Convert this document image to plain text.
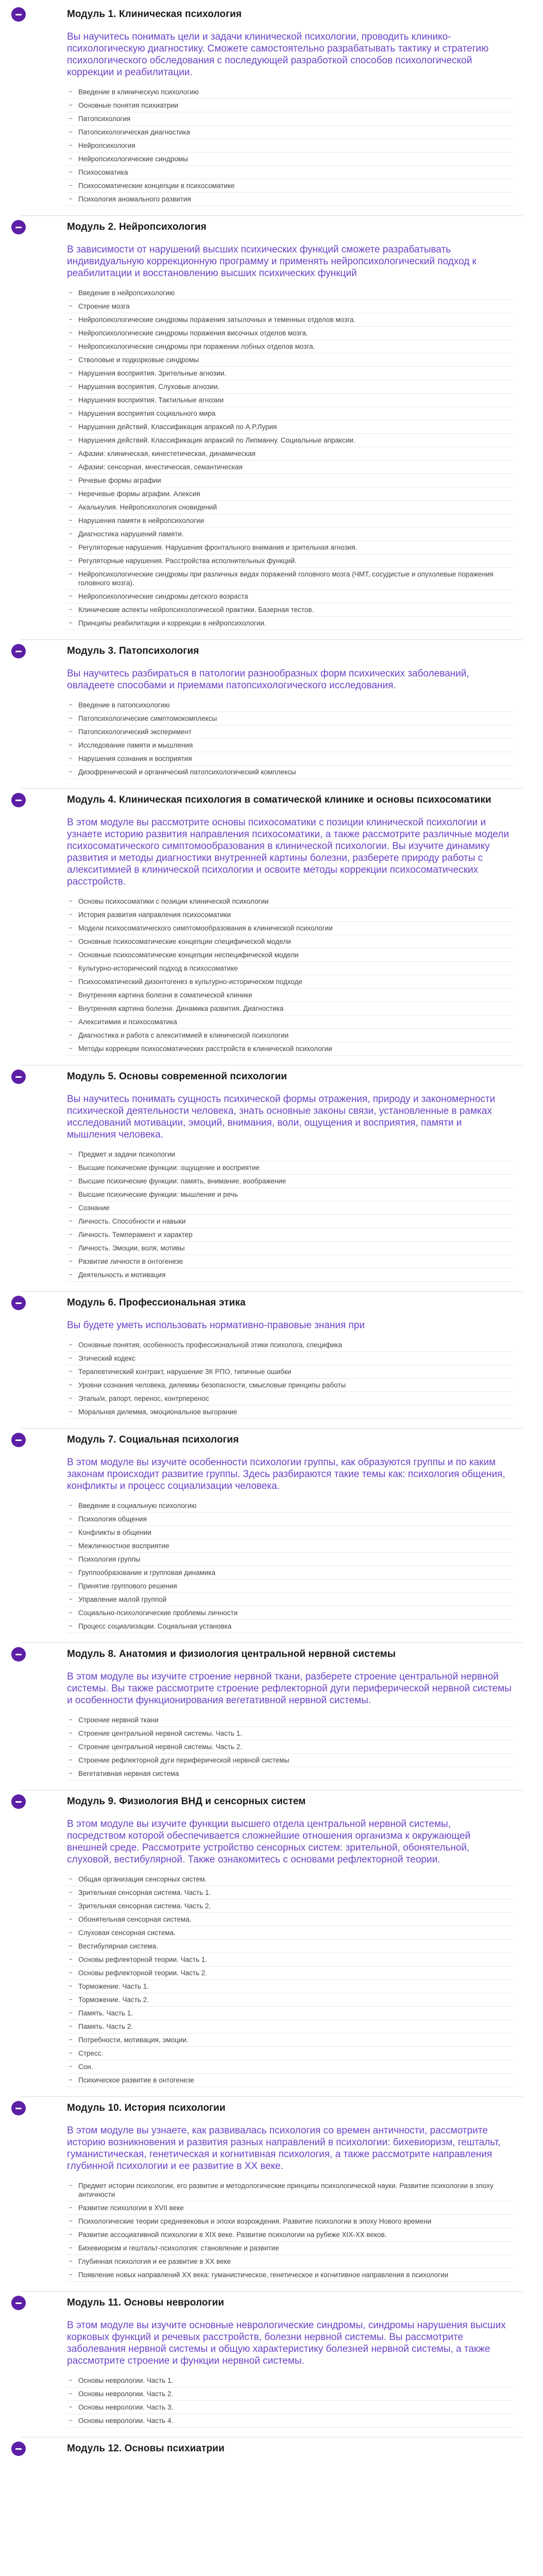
Модуль 1. Клиническая психология

Вы научитесь понимать цели и задачи клинической психологии, проводить клинико-психологическую диагностику. Сможете самостоятельно разрабатывать тактику и стратегию психологического обследования с последующей разработкой способов психологической коррекции и реабилитации.

Введение в клиническую психологию
Основные понятия психиатрии
Патопсихология
Патопсихологическая диагностика
Нейропсихология
Нейропсихологические синдромы
Психосоматика
Психосоматические концепции в психосоматике
Психология аномального развития
Модуль 2. Нейропсихология

В зависимости от нарушений высших психических функций сможете разрабатывать индивидуальную коррекционную программу и применять нейропсихологический подход к реабилитации и восстановлению высших психических функций

Введение в нейропсихологию
Строение мозга
Нейропсихологические синдромы поражения затылочных и теменных отделов мозга.
Нейропсихологические синдромы поражения височных отделов мозга.
Нейропсихологические синдромы при поражении лобных отделов мозга.
Стволовые и подкорковые синдромы
Нарушения восприятия. Зрительные агнозии.
Нарушения восприятия. Слуховые агнозии.
Нарушения восприятия. Тактильные агнозии
Нарушения восприятия социального мира
Нарушения действий. Классификация апраксий по А.Р.Лурия
Нарушения действий. Классификация апраксий по Липманну. Социальные апраксии.
Афазии: клиническая, кинестетическая, динамическая
Афазии: сенсорная, мнестическая, семантическая
Речевые формы аграфии
Неречевые формы аграфии. Алексия
Акалькулия. Нейропсихология сновидений
Нарушения памяти в нейропсихологии
Диагностика нарушений памяти.
Регуляторные нарушения. Нарушения фронтального внимания и зрительная агнозия.
Регуляторные нарушения. Расстройства исполнительных функций.
Нейропсихологические синдромы при различных видах поражений головного мозга (ЧМТ, сосудистые и опухолевые поражения головного мозга).
Нейропсихологические синдромы детского возраста
Клинические аспекты нейропсихологической практики. Базерная тестов.
Принципы реабилитации и коррекции в нейропсихологии.
Модуль 3. Патопсихология

Вы научитесь разбираться в патологии разнообразных форм психических заболеваний, овладеете способами и приемами патопсихологического исследования.

Введение в патопсихологию
Патопсихологические симптомокомплексы
Патопсихологический эксперимент
Исследование памяти и мышления
Нарушения сознания и восприятия
Дизофренический и органический патопсихологический комплексы
Модуль 4. Клиническая психология в соматической клинике и основы психосоматики

В этом модуле вы рассмотрите основы психосоматики с позиции клинической психологии и узнаете историю развития направления психосоматики, а также рассмотрите различные модели психосоматического симптомообразования в клинической психологии. Вы изучите динамику развития и методы диагностики внутренней картины болезни, разберете природу работы с алекситимией в клинической психологии и освоите методы коррекции психосоматических расстройств.

Основы психосоматики с позиции клинической психологии
История развития направления психосоматики
Модели психосоматического симптомообразования в клинической психологии
Основные психосоматические концепции специфической модели
Основные психосоматические концепции неспецифической модели
Культурно-исторический подход в психосоматике
Психосоматический дизонтогенез в культурно-историческом подходе
Внутренняя картина болезни в соматической клинике
Внутренняя картина болезни. Динамика развития. Диагностика
Алекситимия и психосоматика
Диагностика и работа с алекситимией в клинической психологии
Методы коррекции психосоматических расстройств в клинической психологии
Модуль 5. Основы современной психологии

Вы научитесь понимать сущность психической формы отражения, природу и закономерности психической деятельности человека, знать основные законы связи, установленные в рамках исследований мотивации, эмоций, внимания, воли, ощущения и восприятия, памяти и мышления человека.

Предмет и задачи психологии
Высшие психические функции: ощущение и восприятие
Высшие психические функции: память, внимание, воображение
Высшие психические функции: мышление и речь
Сознание
Личность. Способности и навыки
Личность. Темперамент и характер
Личность. Эмоции, воля, мотивы
Развитие личности в онтогенезе
Деятельность и мотивация
Модуль 6. Профессиональная этика

Вы будете уметь использовать нормативно-правовые знания при

Основные понятия, особенность профессиональной этики психолога, специфика
Этический кодекс
Терапевтический контракт, нарушение ЗК РПО, типичные ошибки
Уровни сознания человека, дилеммы безопасности, смысловые принципы работы
Этапы/и, рапорт, перенос, контрперенос
Моральная дилемма, эмоциональное выгорание
Модуль 7. Социальная психология

В этом модуле вы изучите особенности психологии группы, как образуются группы и по каким законам происходит развитие группы. Здесь разбираются такие темы как: психология общения, конфликты и процесс социализации человека.

Введение в социальную психологию
Психология общения
Конфликты в общении
Межличностное восприятие
Психология группы
Группообразование и групповая динамика
Принятие группового решения
Управление малой группой
Социально-психологические проблемы личности
Процесс социализации. Социальная установка
Модуль 8. Анатомия и физиология центральной нервной системы

В этом модуле вы изучите строение нервной ткани, разберете строение центральной нервной системы. Вы также рассмотрите строение рефлекторной дуги периферической нервной системы и особенности функционирования вегетативной нервной системы.

Строение нервной ткани
Строение центральной нервной системы. Часть 1.
Строение центральной нервной системы. Часть 2.
Строение рефлекторной дуги периферической нервной системы
Вегетативная нервная система
Модуль 9. Физиология ВНД и сенсорных систем

В этом модуле вы изучите функции высшего отдела центральной нервной системы, посредством которой обеспечивается сложнейшие отношения организма к окружающей внешней среде. Рассмотрите устройство сенсорных систем: зрительной, обонятельной, слуховой, вестибулярной. Также ознакомитесь с основами рефлекторной теории.

Общая организация сенсорных систем.
Зрительная сенсорная система. Часть 1.
Зрительная сенсорная система. Часть 2.
Обонятельная сенсорная система.
Слуховая сенсорная система.
Вестибулярная система.
Основы рефлекторной теории. Часть 1.
Основы рефлекторной теории. Часть 2.
Торможение. Часть 1.
Торможение. Часть 2.
Память. Часть 1.
Память. Часть 2.
Потребности, мотивация, эмоции.
Стресс.
Сон.
Психическое развитие в онтогенезе
Модуль 10. История психологии

В этом модуле вы узнаете, как развивалась психология со времен античности, рассмотрите историю возникновения и развития разных направлений в психологии: бихевиоризм, гештальт, гуманистическая, генетическая и когнитивная психология, а также рассмотрите направления глубинной психологии и ее развитие в XX веке.

Предмет истории психологии, его развитие и методологические принципы психологической науки. Развитие психологии в эпоху античности
Развитие психологии в XVII веке
Психологические теории средневековья и эпохи возрождения. Развитие психологии в эпоху Нового времени
Развитие ассоциативной психологии в XIX веке. Развитие психологии на рубеже XIX-XX веков.
Бихевиоризм и гештальт-психология: становление и развитие
Глубинная психология и ее развитие в XX веке
Появление новых направлений XX века: гуманистическое, генетическое и когнитивное направления в психологии
Модуль 11. Основы неврологии

В этом модуле вы изучите основные неврологические синдромы, синдромы нарушения высших корковых функций и речевых расстройств, болезни нервной системы. Вы рассмотрите заболевания нервной системы и общую характеристику болезней нервной системы, а также рассмотрите строение и функции нервной системы.

Основы неврологии. Часть 1.
Основы неврологии. Часть 2.
Основы неврологии. Часть 3.
Основы неврологии. Часть 4.
Модуль 12. Основы психиатрии
